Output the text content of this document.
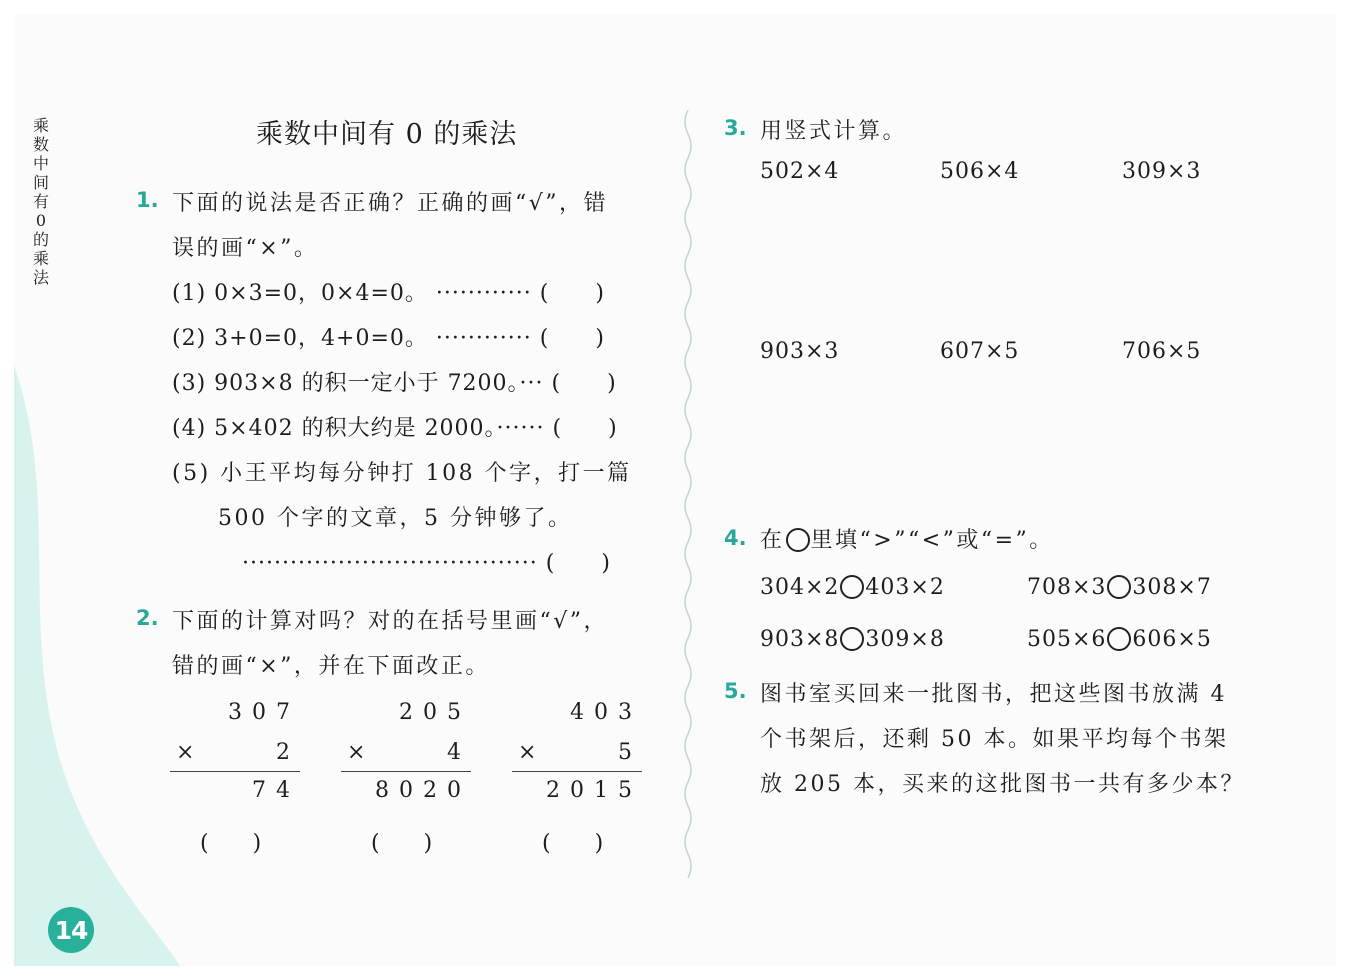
乘数中间有0的乘法
14
乘数中间有 0 的乘法
1. 下面的说法是否正确？正确的画“√”，错
误的画“×”。
(1) 0×3=0，0×4=0。 ············ (　　)
(2) 3+0=0，4+0=0。 ············ (　　)
(3) 903×8 的积一定小于 7200。··· (　　)
(4) 5×402 的积大约是 2000。······ (　　)
(5) 小王平均每分钟打 108 个字，打一篇
500 个字的文章，5 分钟够了。
····································· (　　)
2. 下面的计算对吗？对的在括号里画“√”，
错的画“×”，并在下面改正。
307
×	2
74
(　　)
205
×	4
8020
(　　)
403
×	5
2015
(　　)
3. 用竖式计算。
502×4	506×4	309×3
903×3	607×5	706×5
4. 在 里填“>”“<”或“=”。
304×2 403×2	708×3 308×7
903×8 309×8	505×6 606×5
5. 图书室买回来一批图书，把这些图书放满 4
个书架后，还剩 50 本。如果平均每个书架
放 205 本，买来的这批图书一共有多少本？
